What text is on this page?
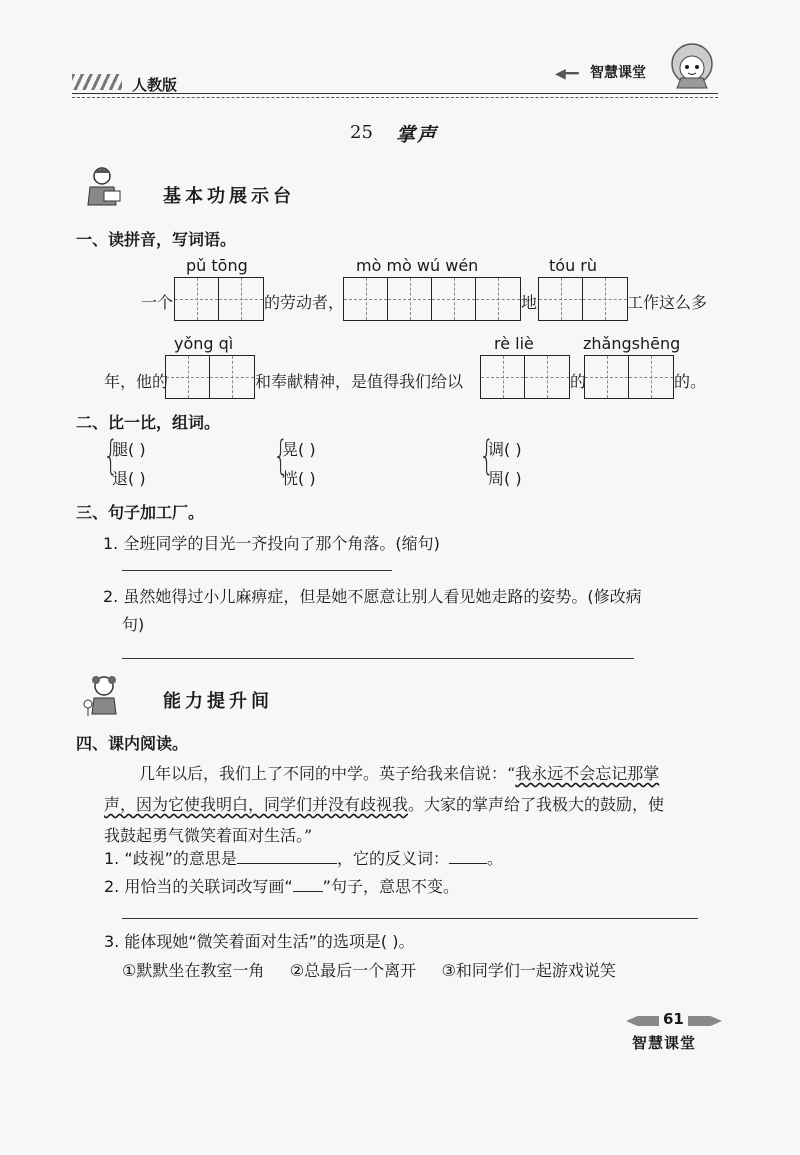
人教版
◀━━ 智慧课堂
25 掌声
基本功展示台
一、读拼音，写词语。
pǔ tōng	mò mò wú wén	tóu rù
一个	的劳动者，	地	工作这么多
yǒng qì	rè liè	zhǎngshēng
年，他的	和奉献精神，是值得我们给以	的	的。
二、比一比，组词。
{
腿( )
退( )	{
晃( )
恍( )	{
调( )
周( )
三、句子加工厂。
1. 全班同学的目光一齐投向了那个角落。(缩句)
2. 虽然她得过小儿麻痹症，但是她不愿意让别人看见她走路的姿势。(修改病
句)
能力提升间
四、课内阅读。
几年以后，我们上了不同的中学。英子给我来信说：“我永远不会忘记那掌
声，因为它使我明白，同学们并没有歧视我。大家的掌声给了我极大的鼓励，使
我鼓起勇气微笑着面对生活。”
1. “歧视”的意思是	，它的反义词： 。
2. 用恰当的关联词改写画“ ”句子，意思不变。
3. 能体现她“微笑着面对生活”的选项是( )。
①默默坐在教室一角     ②总最后一个离开     ③和同学们一起游戏说笑
61
智慧课堂
